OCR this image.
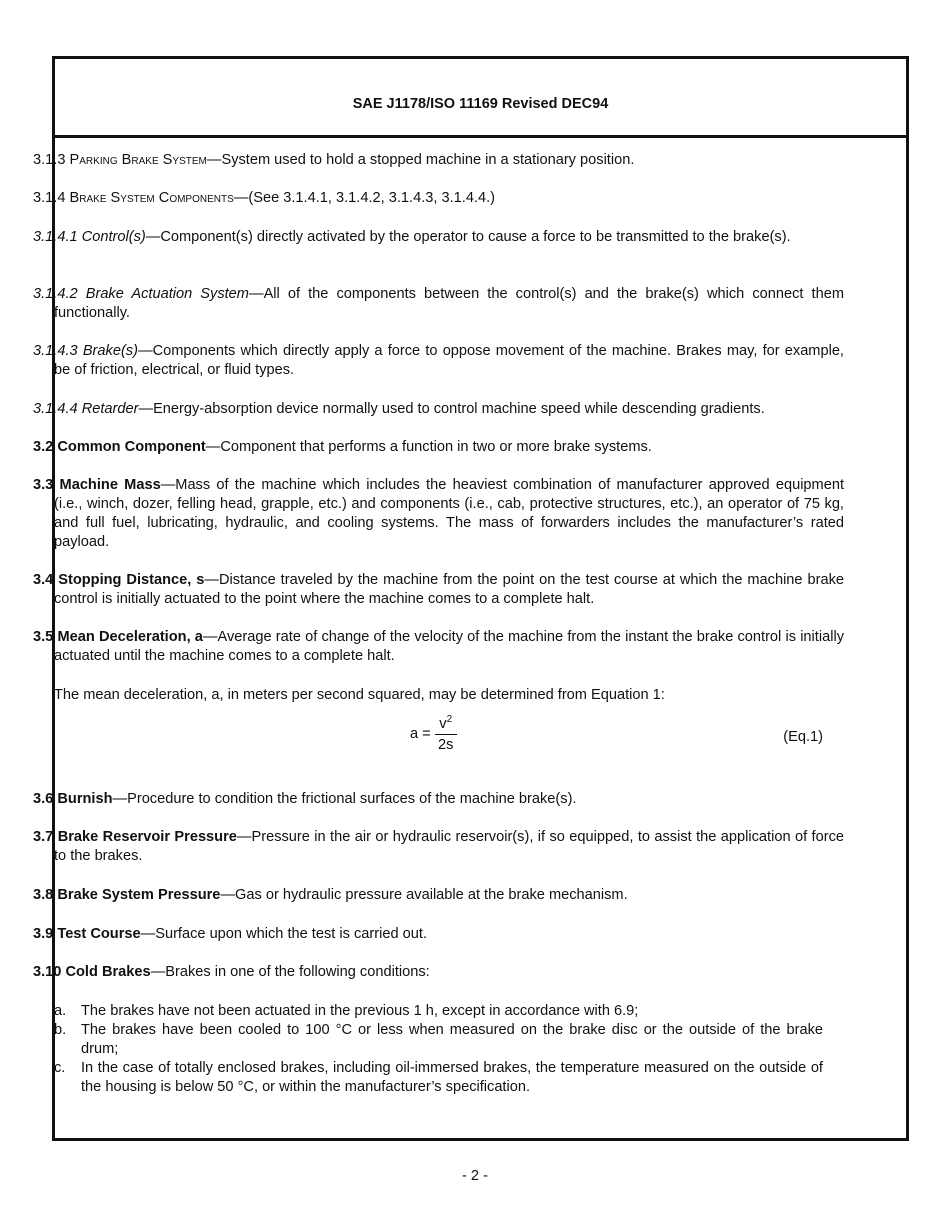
SAE J1178/ISO 11169 Revised DEC94
3.1.3 Parking Brake System—System used to hold a stopped machine in a stationary position.
3.1.4 Brake System Components—(See 3.1.4.1, 3.1.4.2, 3.1.4.3, 3.1.4.4.)
3.1.4.1 Control(s)—Component(s) directly activated by the operator to cause a force to be transmitted to the brake(s).
3.1.4.2 Brake Actuation System—All of the components between the control(s) and the brake(s) which connect them functionally.
3.1.4.3 Brake(s)—Components which directly apply a force to oppose movement of the machine. Brakes may, for example, be of friction, electrical, or fluid types.
3.1.4.4 Retarder—Energy-absorption device normally used to control machine speed while descending gradients.
3.2 Common Component—Component that performs a function in two or more brake systems.
3.3 Machine Mass—Mass of the machine which includes the heaviest combination of manufacturer approved equipment (i.e., winch, dozer, felling head, grapple, etc.) and components (i.e., cab, protective structures, etc.), an operator of 75 kg, and full fuel, lubricating, hydraulic, and cooling systems. The mass of forwarders includes the manufacturer’s rated payload.
3.4 Stopping Distance, s—Distance traveled by the machine from the point on the test course at which the machine brake control is initially actuated to the point where the machine comes to a complete halt.
3.5 Mean Deceleration, a—Average rate of change of the velocity of the machine from the instant the brake control is initially actuated until the machine comes to a complete halt.
The mean deceleration, a, in meters per second squared, may be determined from Equation 1:
$a = \frac{v^2}{2s}$	(Eq.1)
3.6 Burnish—Procedure to condition the frictional surfaces of the machine brake(s).
3.7 Brake Reservoir Pressure—Pressure in the air or hydraulic reservoir(s), if so equipped, to assist the application of force to the brakes.
3.8 Brake System Pressure—Gas or hydraulic pressure available at the brake mechanism.
3.9 Test Course—Surface upon which the test is carried out.
3.10 Cold Brakes—Brakes in one of the following conditions:
a.	The brakes have not been actuated in the previous 1 h, except in accordance with 6.9;
b.	The brakes have been cooled to 100 °C or less when measured on the brake disc or the outside of the brake drum;
c.	In the case of totally enclosed brakes, including oil-immersed brakes, the temperature measured on the outside of the housing is below 50 °C, or within the manufacturer’s specification.
- 2 -
